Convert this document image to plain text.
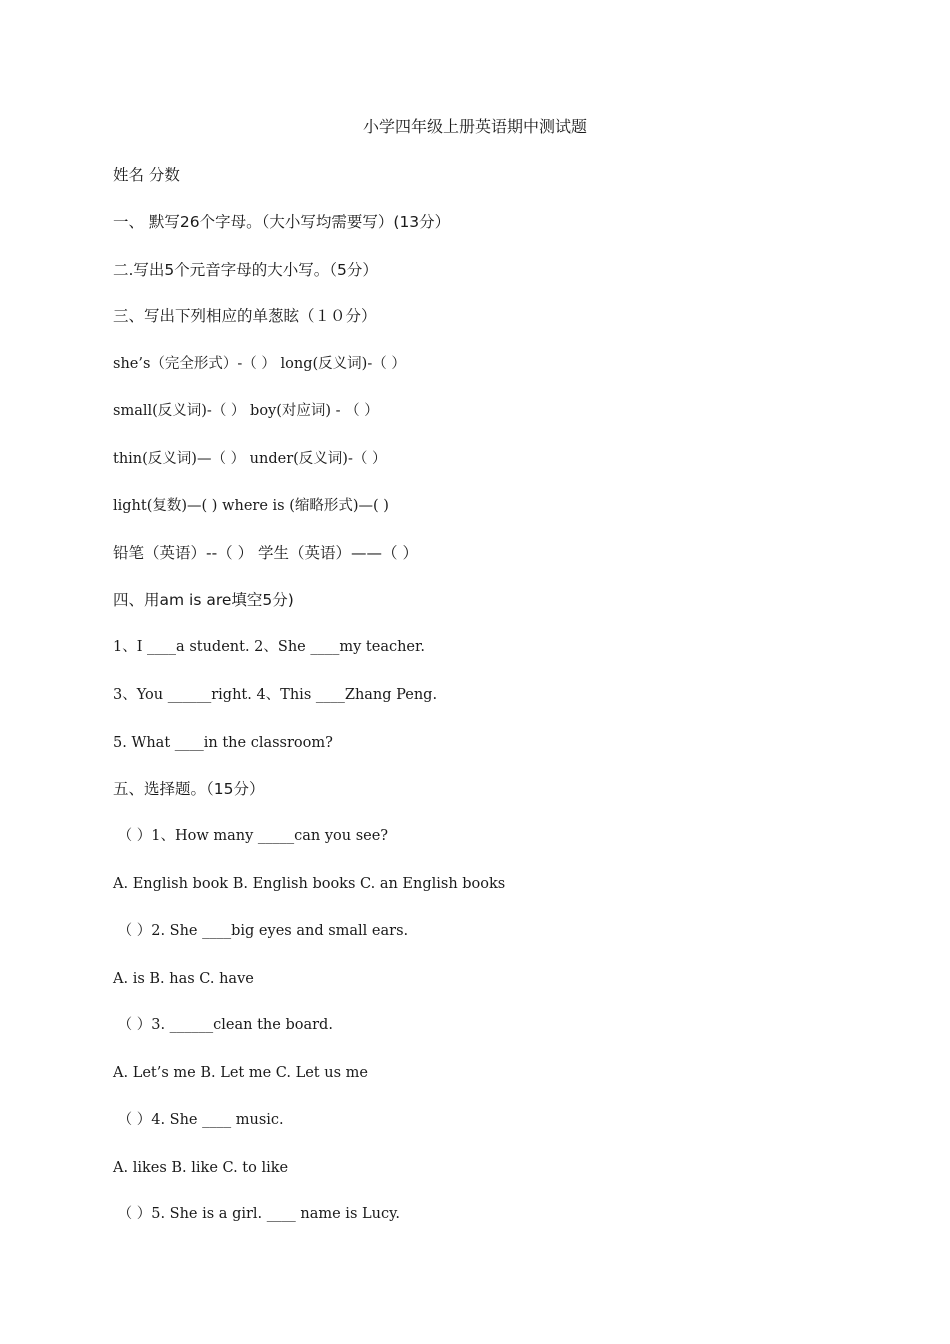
小学四年级上册英语期中测试题
姓名 分数
一、 默写26个字母。（大小写均需要写）(13分）
二.写出5个元音字母的大小写。（5分）
三、写出下列相应的单葱眩（１０分）
she’s（完全形式）-（ ） long(反义词)-（ ）
small(反义词)-（ ） boy(对应词) - （ ）
thin(反义词)—（ ） under(反义词)-（ ）
light(复数)—( ) where is (缩略形式)—( )
铅笔（英语）--（ ） 学生（英语）——（ ）
四、用am is are填空5分)
1、I ____a student. 2、She ____my teacher.
3、You ______right. 4、This ____Zhang Peng.
5. What ____in the classroom?
五、选择题。（15分）
（ ）1、How many _____can you see?
A. English book B. English books C. an English books
（ ）2. She ____big eyes and small ears.
A. is B. has C. have
（ ）3. ______clean the board.
A. Let’s me B. Let me C. Let us me
（ ）4. She ____ music.
A. likes B. like C. to like
（ ）5. She is a girl. ____ name is Lucy.
